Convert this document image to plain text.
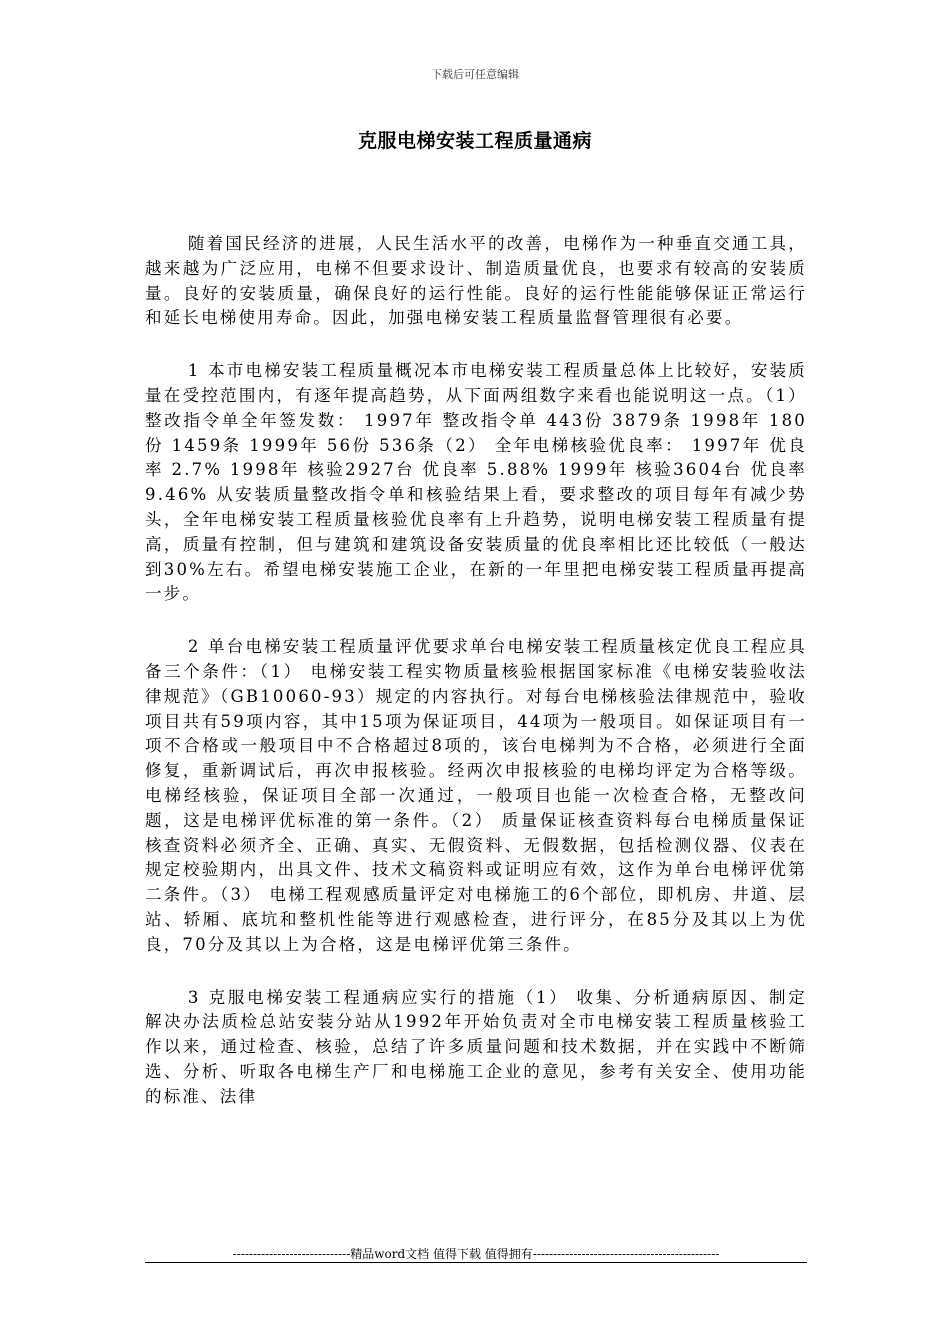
下载后可任意编辑
克服电梯安装工程质量通病

随着国民经济的进展，人民生活水平的改善，电梯作为一种垂直交通工具，越来越为广泛应用，电梯不但要求设计、制造质量优良，也要求有较高的安装质量。良好的安装质量，确保良好的运行性能。良好的运行性能能够保证正常运行和延长电梯使用寿命。因此，加强电梯安装工程质量监督管理很有必要。

1 本市电梯安装工程质量概况本市电梯安装工程质量总体上比较好，安装质量在受控范围内，有逐年提高趋势，从下面两组数字来看也能说明这一点。（1） 整改指令单全年签发数： 1997年 整改指令单 443份 3879条 1998年 180份 1459条 1999年 56份 536条（2） 全年电梯核验优良率： 1997年 优良率 2.7% 1998年 核验2927台 优良率 5.88% 1999年 核验3604台 优良率 9.46% 从安装质量整改指令单和核验结果上看，要求整改的项目每年有减少势头，全年电梯安装工程质量核验优良率有上升趋势，说明电梯安装工程质量有提高，质量有控制，但与建筑和建筑设备安装质量的优良率相比还比较低（一般达到30%左右。希望电梯安装施工企业，在新的一年里把电梯安装工程质量再提高一步。

2 单台电梯安装工程质量评优要求单台电梯安装工程质量核定优良工程应具备三个条件：（1） 电梯安装工程实物质量核验根据国家标准《电梯安装验收法律规范》（GB10060-93）规定的内容执行。对每台电梯核验法律规范中，验收项目共有59项内容，其中15项为保证项目，44项为一般项目。如保证项目有一项不合格或一般项目中不合格超过8项的，该台电梯判为不合格，必须进行全面修复，重新调试后，再次申报核验。经两次申报核验的电梯均评定为合格等级。电梯经核验，保证项目全部一次通过，一般项目也能一次检查合格，无整改问题，这是电梯评优标准的第一条件。（2） 质量保证核查资料每台电梯质量保证核查资料必须齐全、正确、真实、无假资料、无假数据，包括检测仪器、仪表在规定校验期内，出具文件、技术文稿资料或证明应有效，这作为单台电梯评优第二条件。（3） 电梯工程观感质量评定对电梯施工的6个部位，即机房、井道、层站、轿厢、底坑和整机性能等进行观感检查，进行评分，在85分及其以上为优良，70分及其以上为合格，这是电梯评优第三条件。

3 克服电梯安装工程通病应实行的措施（1） 收集、分析通病原因、制定解决办法质检总站安装分站从1992年开始负责对全市电梯安装工程质量核验工作以来，通过检查、核验，总结了许多质量问题和技术数据，并在实践中不断筛选、分析、听取各电梯生产厂和电梯施工企业的意见，参考有关安全、使用功能的标准、法律

-----------------------------精品word文档 值得下载 值得拥有----------------------------------------------
